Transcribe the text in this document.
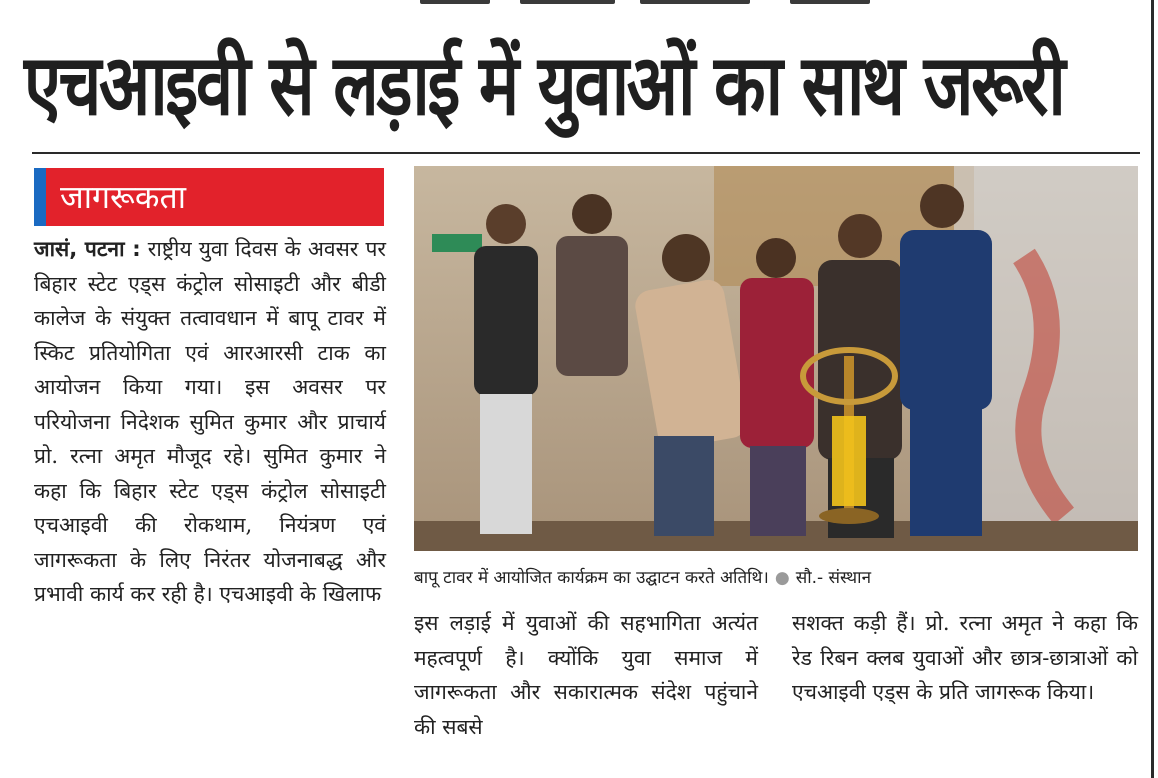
एचआइवी से लड़ाई में युवाओं का साथ जरूरी
जागरूकता
जासं, पटना : राष्ट्रीय युवा दिवस के अवसर पर बिहार स्टेट एड्स कंट्रोल सोसाइटी और बीडी कालेज के संयुक्त तत्वावधान में बापू टावर में स्किट प्रतियोगिता एवं आरआरसी टाक का आयोजन किया गया। इस अवसर पर परियोजना निदेशक सुमित कुमार और प्राचार्य प्रो. रत्ना अमृत मौजूद रहे। सुमित कुमार ने कहा कि बिहार स्टेट एड्स कंट्रोल सोसाइटी एचआइवी की रोकथाम, नियंत्रण एवं जागरूकता के लिए निरंतर योजनाबद्ध और प्रभावी कार्य कर रही है। एचआइवी के खिलाफ
बापू टावर में आयोजित कार्यक्रम का उद्घाटन करते अतिथि। ● सौ.- संस्थान
इस लड़ाई में युवाओं की सहभागिता अत्यंत महत्वपूर्ण है। क्योंकि युवा समाज में जागरूकता और सकारात्मक संदेश पहुंचाने की सबसे
सशक्त कड़ी हैं। प्रो. रत्ना अमृत ने कहा कि रेड रिबन क्लब युवाओं और छात्र-छात्राओं को एचआइवी एड्स के प्रति जागरूक किया।
